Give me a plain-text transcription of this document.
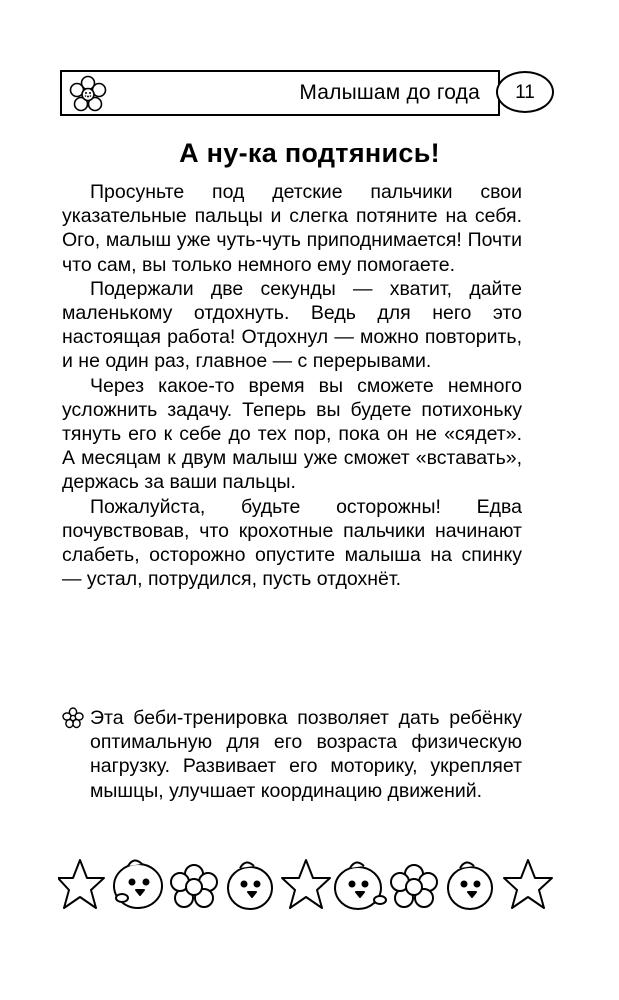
Малышам до года	11
А ну-ка подтянись!

Просуньте под детские пальчики свои указательные пальцы и слегка потяните на себя. Ого, малыш уже чуть-чуть приподнимается! Почти что сам, вы только немного ему помогаете.

Подержали две секунды — хватит, дайте маленькому отдохнуть. Ведь для него это настоящая работа! Отдохнул — можно повторить, и не один раз, главное — с перерывами.

Через какое-то время вы сможете немного усложнить задачу. Теперь вы будете потихоньку тянуть его к себе до тех пор, пока он не «сядет». А месяцам к двум малыш уже сможет «вставать», держась за ваши пальцы.

Пожалуйста, будьте осторожны! Едва почувствовав, что крохотные пальчики начинают слабеть, осторожно опустите малыша на спинку — устал, потрудился, пусть отдохнёт.

Эта беби-тренировка позволяет дать ребёнку оптимальную для его возраста физическую нагрузку. Развивает его моторику, укрепляет мышцы, улучшает координацию движений.
